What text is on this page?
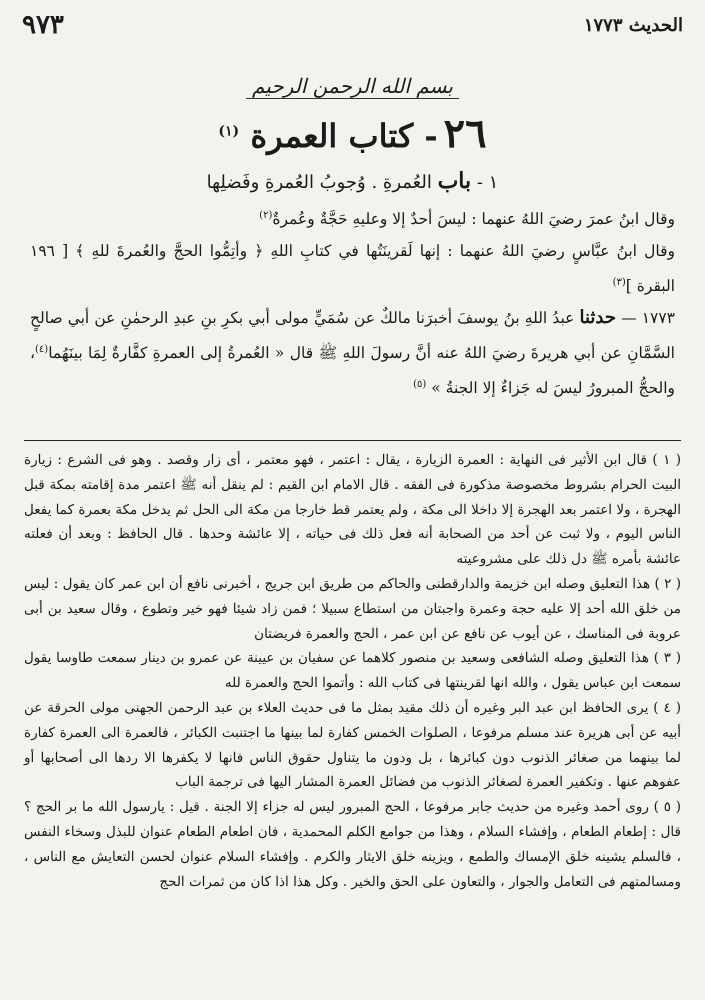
الحديث ١٧٧٣
٩٧٣
بسم الله الرحمن الرحيم
٢٦- كتاب العمرة $^{(١)}$
١ - باب العُمرةِ . وُجوبُ العُمرةِ وفَضلِها

وقال ابنُ عمرَ رضيَ اللهُ عنهما : ليسَ أحدٌ إلا وعليهِ حَجَّةٌ وعُمرةٌ$^{(٢)}$

وقال ابنُ عبَّاسٍ رضيَ اللهُ عنهما : إنها لَقرينَتُها في كتابِ اللهِ ﴿ وأتِمُّوا الحجَّ والعُمرةَ للهِ ﴾ [ ١٩٦ البقرة ]$^{(٣)}$

١٧٧٣ — حدثنا عبدُ اللهِ بنُ يوسفَ أخبرَنا مالكٌ عن سُمَيٍّ مولى أبي بكرِ بنِ عبدِ الرحمٰنِ عن أبي صالحٍ السَّمَّانِ عن أبي هريرةَ رضيَ اللهُ عنه أنَّ رسولَ اللهِ ﷺ قال « العُمرةُ إلى العمرةِ كفَّارةٌ لِمَا بينَهُما$^{(٤)}$، والحجُّ المبرورُ ليسَ له جَزاءٌ إلا الجنةُ » $^{(٥)}$

( ١ ) قال ابن الأثير فى النهاية : العمرة الزيارة ، يقال : اعتمر ، فهو معتمر ، أى زار وقصد . وهو فى الشرع : زيارة البيت الحرام بشروط مخصوصة مذكورة فى الفقه . قال الامام ابن القيم : لم ينقل أنه ﷺ اعتمر مدة إقامته بمكة قبل الهجرة ، ولا اعتمر بعد الهجرة إلا داخلا الى مكة ، ولم يعتمر قط خارجا من مكة الى الحل ثم يدخل مكة بعمرة كما يفعل الناس اليوم ، ولا ثبت عن أحد من الصحابة أنه فعل ذلك فى حياته ، إلا عائشة وحدها . قال الحافظ : وبعد أن فعلته عائشة بأمره ﷺ دل ذلك على مشروعيته

( ٢ ) هذا التعليق وصله ابن خزيمة والدارقطنى والحاكم من طريق ابن جريج ، أخبرنى نافع أن ابن عمر كان يقول : ليس من خلق الله أحد إلا عليه حجة وعمرة واجبتان من استطاع سبيلا ؛ فمن زاد شيئا فهو خير وتطوع ، وقال سعيد بن أبى عروبة فى المناسك ، عن أيوب عن نافع عن ابن عمر ، الحج والعمرة فريضتان

( ٣ ) هذا التعليق وصله الشافعى وسعيد بن منصور كلاهما عن سفيان بن عيينة عن عمرو بن دينار سمعت طاوسا يقول سمعت ابن عباس يقول ، والله انها لقرينتها فى كتاب الله : وأتموا الحج والعمرة لله

( ٤ ) يرى الحافظ ابن عبد البر وغيره أن ذلك مقيد بمثل ما فى حديث العلاء بن عبد الرحمن الجهنى مولى الحرقة عن أبيه عن أبى هريرة عند مسلم مرفوعا ، الصلوات الخمس كفارة لما بينها ما اجتنبت الكبائر ، فالعمرة الى العمرة كفارة لما بينهما من صغائر الذنوب دون كبائرها ، بل ودون ما يتناول حقوق الناس فانها لا يكفرها الا ردها الى أصحابها أو عفوهم عنها . وتكفير العمرة لصغائر الذنوب من فضائل العمرة المشار اليها فى ترجمة الباب

( ٥ ) روى أحمد وغيره من حديث جابر مرفوعا ، الحج المبرور ليس له جزاء إلا الجنة . قيل : يارسول الله ما بر الحج ؟ قال : إطعام الطعام ، وإفشاء السلام ، وهذا من جوامع الكلم المحمدية ، فان اطعام الطعام عنوان للبذل وسخاء النفس ، فالسلم يشينه خلق الإمساك والطمع ، ويزينه خلق الايثار والكرم . وإفشاء السلام عنوان لحسن التعايش مع الناس ، ومسالمتهم فى التعامل والجوار ، والتعاون على الحق والخير . وكل هذا اذا كان من ثمرات الحج
